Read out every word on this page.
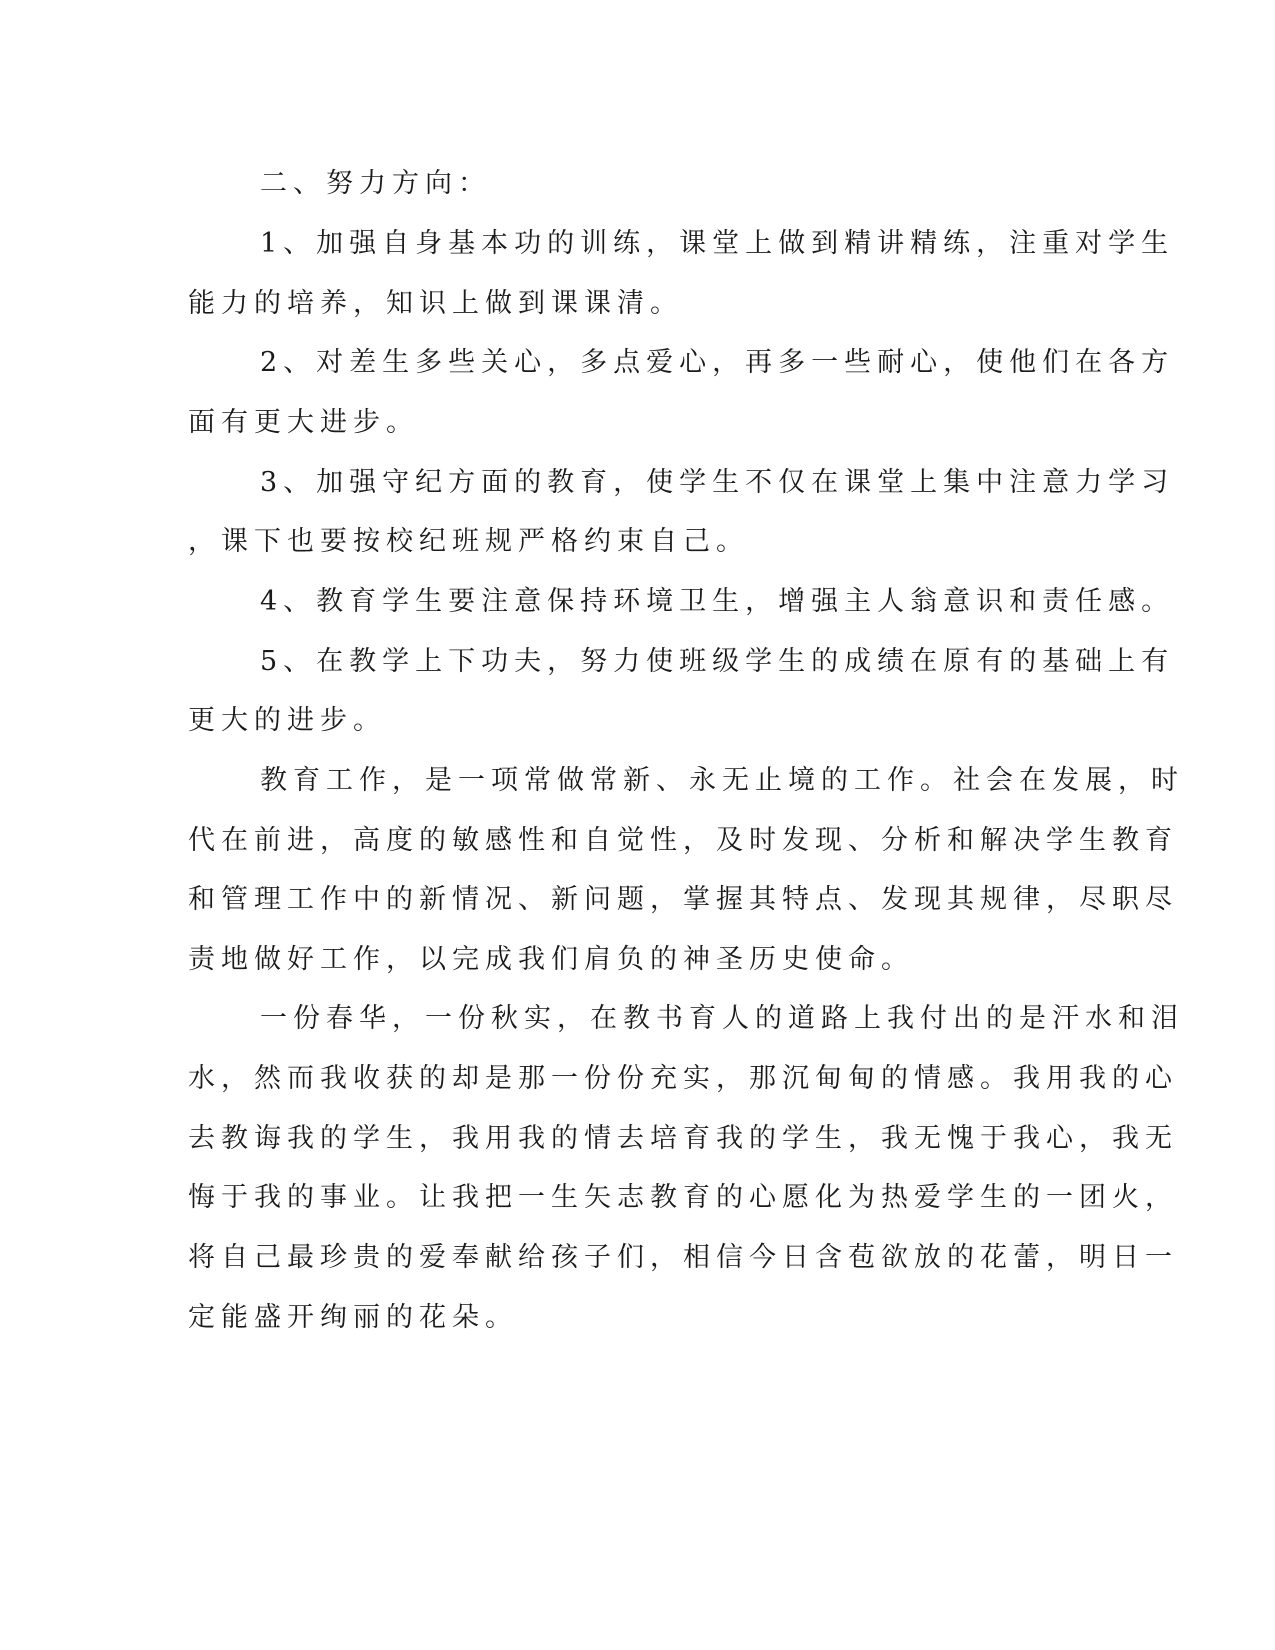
二、努力方向：
1、加强自身基本功的训练，课堂上做到精讲精练，注重对学生
能力的培养，知识上做到课课清。
2、对差生多些关心，多点爱心，再多一些耐心，使他们在各方
面有更大进步。
3、加强守纪方面的教育，使学生不仅在课堂上集中注意力学习
，课下也要按校纪班规严格约束自己。
4、教育学生要注意保持环境卫生，增强主人翁意识和责任感。
5、在教学上下功夫，努力使班级学生的成绩在原有的基础上有
更大的进步。
教育工作，是一项常做常新、永无止境的工作。社会在发展，时
代在前进，高度的敏感性和自觉性，及时发现、分析和解决学生教育
和管理工作中的新情况、新问题，掌握其特点、发现其规律，尽职尽
责地做好工作，以完成我们肩负的神圣历史使命。
一份春华，一份秋实，在教书育人的道路上我付出的是汗水和泪
水，然而我收获的却是那一份份充实，那沉甸甸的情感。我用我的心
去教诲我的学生，我用我的情去培育我的学生，我无愧于我心，我无
悔于我的事业。让我把一生矢志教育的心愿化为热爱学生的一团火，
将自己最珍贵的爱奉献给孩子们，相信今日含苞欲放的花蕾，明日一
定能盛开绚丽的花朵。
